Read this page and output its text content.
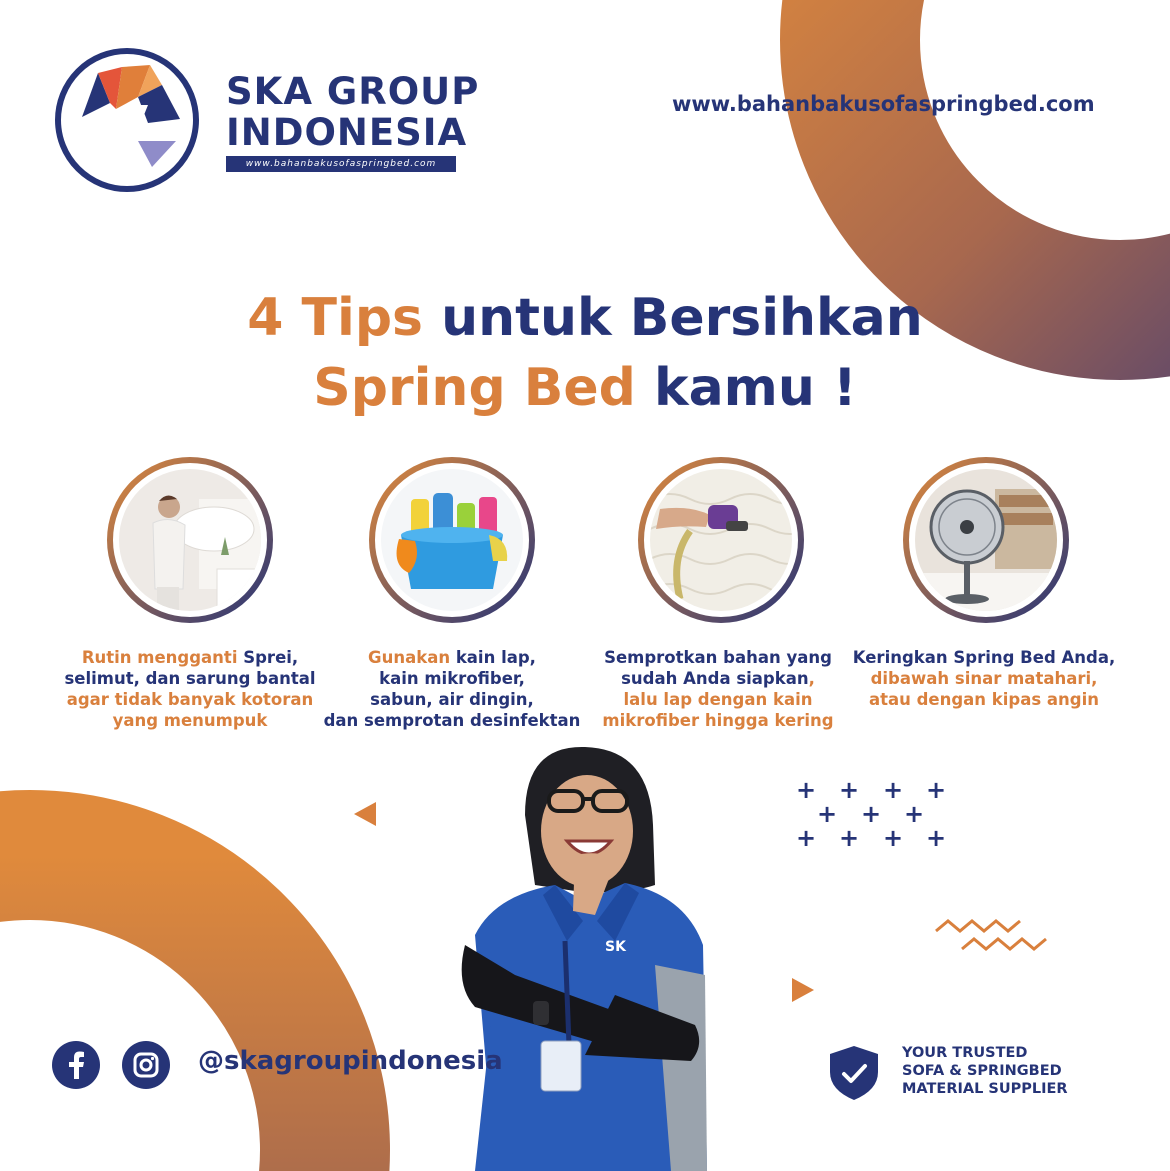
SKA GROUP
INDONESIA
www.bahanbakusofaspringbed.com
www.bahanbakusofaspringbed.com
4 Tips untuk Bersihkan
Spring Bed kamu !
Rutin mengganti Sprei,
selimut, dan sarung bantal
agar tidak banyak kotoran
yang menumpuk
Gunakan kain lap,
kain mikrofiber,
sabun, air dingin,
dan semprotan desinfektan
Semprotkan bahan yang
sudah Anda siapkan,
lalu lap dengan kain
mikrofiber hingga kering
Keringkan Spring Bed Anda,
dibawah sinar matahari,
atau dengan kipas angin
+ + + +
+ + +
+ + + +
SK
@skagroupindonesia	YOUR TRUSTED
SOFA & SPRINGBED
MATERIAL SUPPLIER
